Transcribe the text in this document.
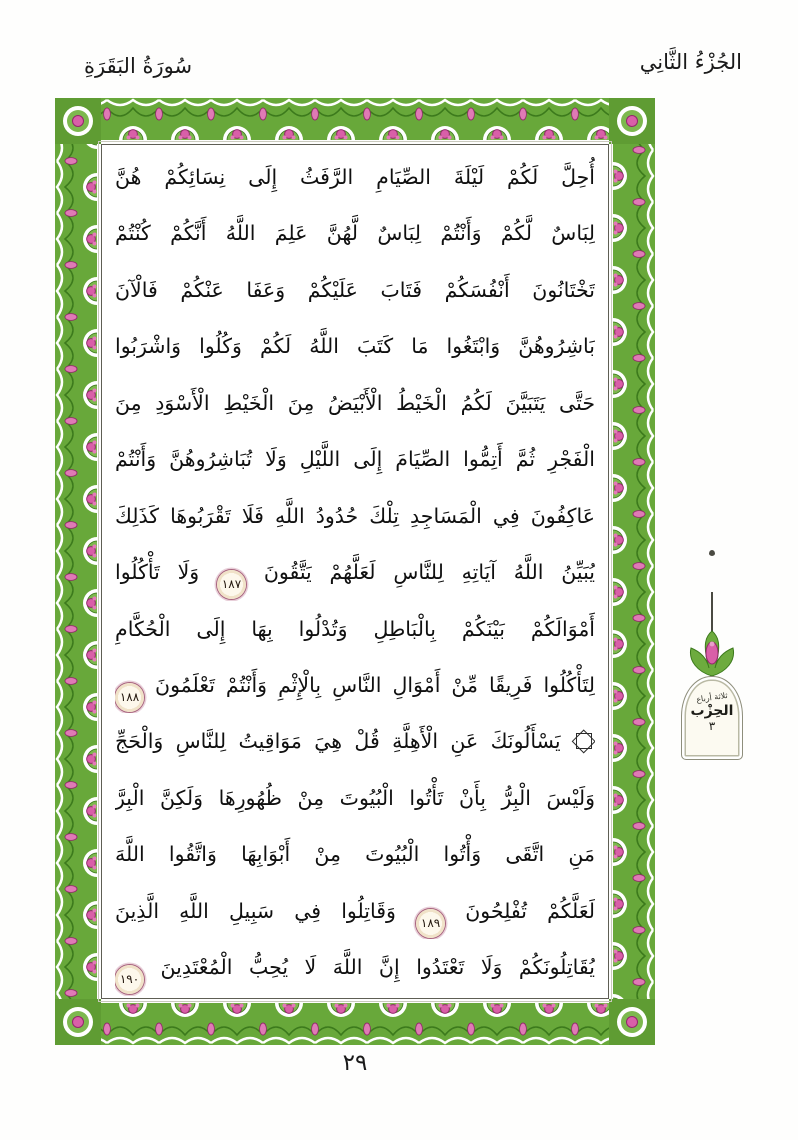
الجُزْءُ الثَّانِي
سُورَةُ البَقَرَةِ
أُحِلَّ لَكُمْ لَيْلَةَ الصِّيَامِ الرَّفَثُ إِلَى نِسَائِكُمْ هُنَّ
لِبَاسٌ لَّكُمْ وَأَنْتُمْ لِبَاسٌ لَّهُنَّ عَلِمَ اللَّهُ أَنَّكُمْ كُنْتُمْ
تَخْتَانُونَ أَنْفُسَكُمْ فَتَابَ عَلَيْكُمْ وَعَفَا عَنْكُمْ فَالْآنَ
بَاشِرُوهُنَّ وَابْتَغُوا مَا كَتَبَ اللَّهُ لَكُمْ وَكُلُوا وَاشْرَبُوا
حَتَّى يَتَبَيَّنَ لَكُمُ الْخَيْطُ الْأَبْيَضُ مِنَ الْخَيْطِ الْأَسْوَدِ مِنَ
الْفَجْرِ ثُمَّ أَتِمُّوا الصِّيَامَ إِلَى اللَّيْلِ وَلَا تُبَاشِرُوهُنَّ وَأَنْتُمْ
عَاكِفُونَ فِي الْمَسَاجِدِ تِلْكَ حُدُودُ اللَّهِ فَلَا تَقْرَبُوهَا كَذَلِكَ
يُبَيِّنُ اللَّهُ آيَاتِهِ لِلنَّاسِ لَعَلَّهُمْ يَتَّقُونَ ١٨٧ وَلَا تَأْكُلُوا
أَمْوَالَكُمْ بَيْنَكُمْ بِالْبَاطِلِ وَتُدْلُوا بِهَا إِلَى الْحُكَّامِ
لِتَأْكُلُوا فَرِيقًا مِّنْ أَمْوَالِ النَّاسِ بِالْإِثْمِ وَأَنْتُمْ تَعْلَمُونَ ١٨٨
يَسْأَلُونَكَ عَنِ الْأَهِلَّةِ قُلْ هِيَ مَوَاقِيتُ لِلنَّاسِ وَالْحَجِّ
وَلَيْسَ الْبِرُّ بِأَنْ تَأْتُوا الْبُيُوتَ مِنْ ظُهُورِهَا وَلَكِنَّ الْبِرَّ
مَنِ اتَّقَى وَأْتُوا الْبُيُوتَ مِنْ أَبْوَابِهَا وَاتَّقُوا اللَّهَ
لَعَلَّكُمْ تُفْلِحُونَ ١٨٩ وَقَاتِلُوا فِي سَبِيلِ اللَّهِ الَّذِينَ
يُقَاتِلُونَكُمْ وَلَا تَعْتَدُوا إِنَّ اللَّهَ لَا يُحِبُّ الْمُعْتَدِينَ ١٩٠
ثلاثة أرباع
الحِزْب
٣
٢٩
